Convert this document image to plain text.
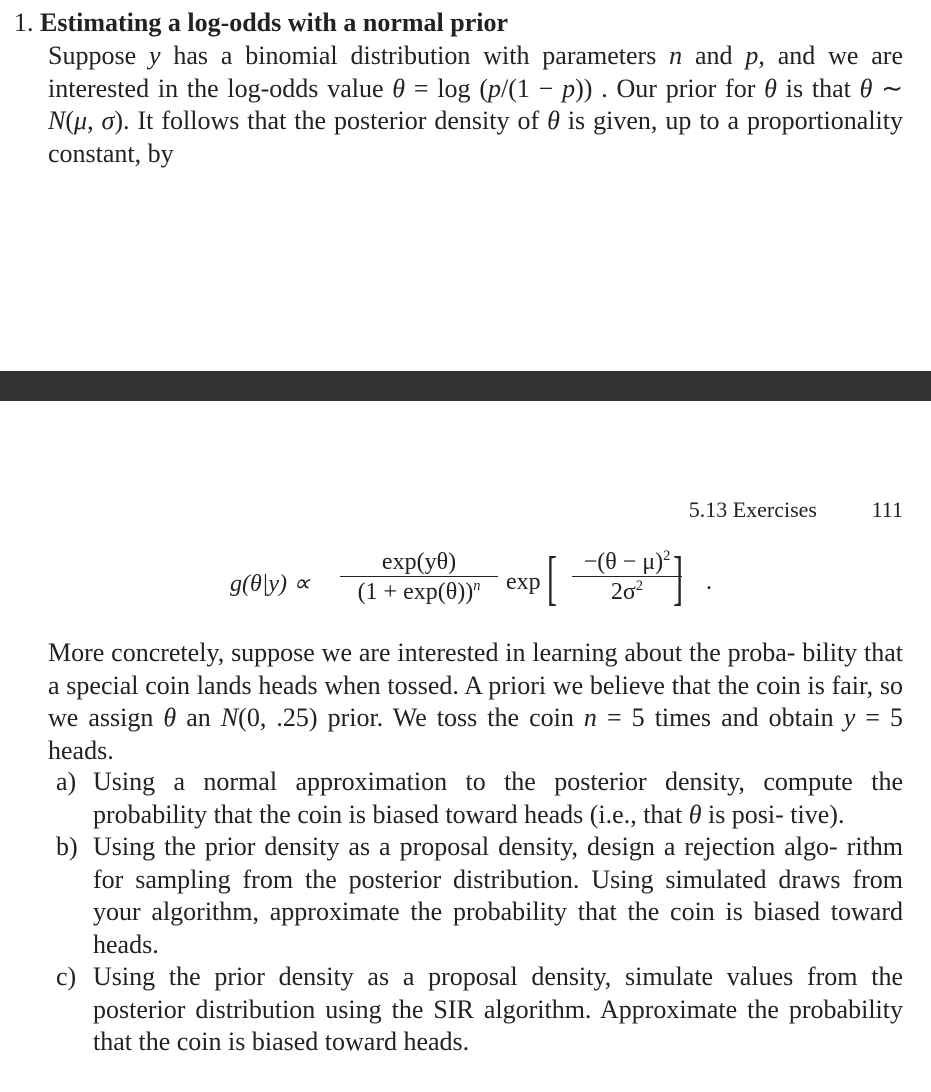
1. Estimating a log-odds with a normal prior
Suppose y has a binomial distribution with parameters n and p, and we are interested in the log-odds value θ = log (p/(1 − p)) . Our prior for θ is that θ ∼ N(μ, σ). It follows that the posterior density of θ is given, up to a proportionality constant, by
5.13 Exercises 111
$g(\theta|y) \propto \frac{\exp(y\theta)}{(1 + \exp(\theta))^n}$ exp [ $\frac{-(\theta - \mu)^2}{2\sigma^2}$
] .
More concretely, suppose we are interested in learning about the proba- bility that a special coin lands heads when tossed. A priori we believe that the coin is fair, so we assign θ an N(0, .25) prior. We toss the coin n = 5 times and obtain y = 5 heads.
a) Using a normal approximation to the posterior density, compute the probability that the coin is biased toward heads (i.e., that θ is posi- tive).
b) Using the prior density as a proposal density, design a rejection algo- rithm for sampling from the posterior distribution. Using simulated draws from your algorithm, approximate the probability that the coin is biased toward heads.
c) Using the prior density as a proposal density, simulate values from the posterior distribution using the SIR algorithm. Approximate the probability that the coin is biased toward heads.
